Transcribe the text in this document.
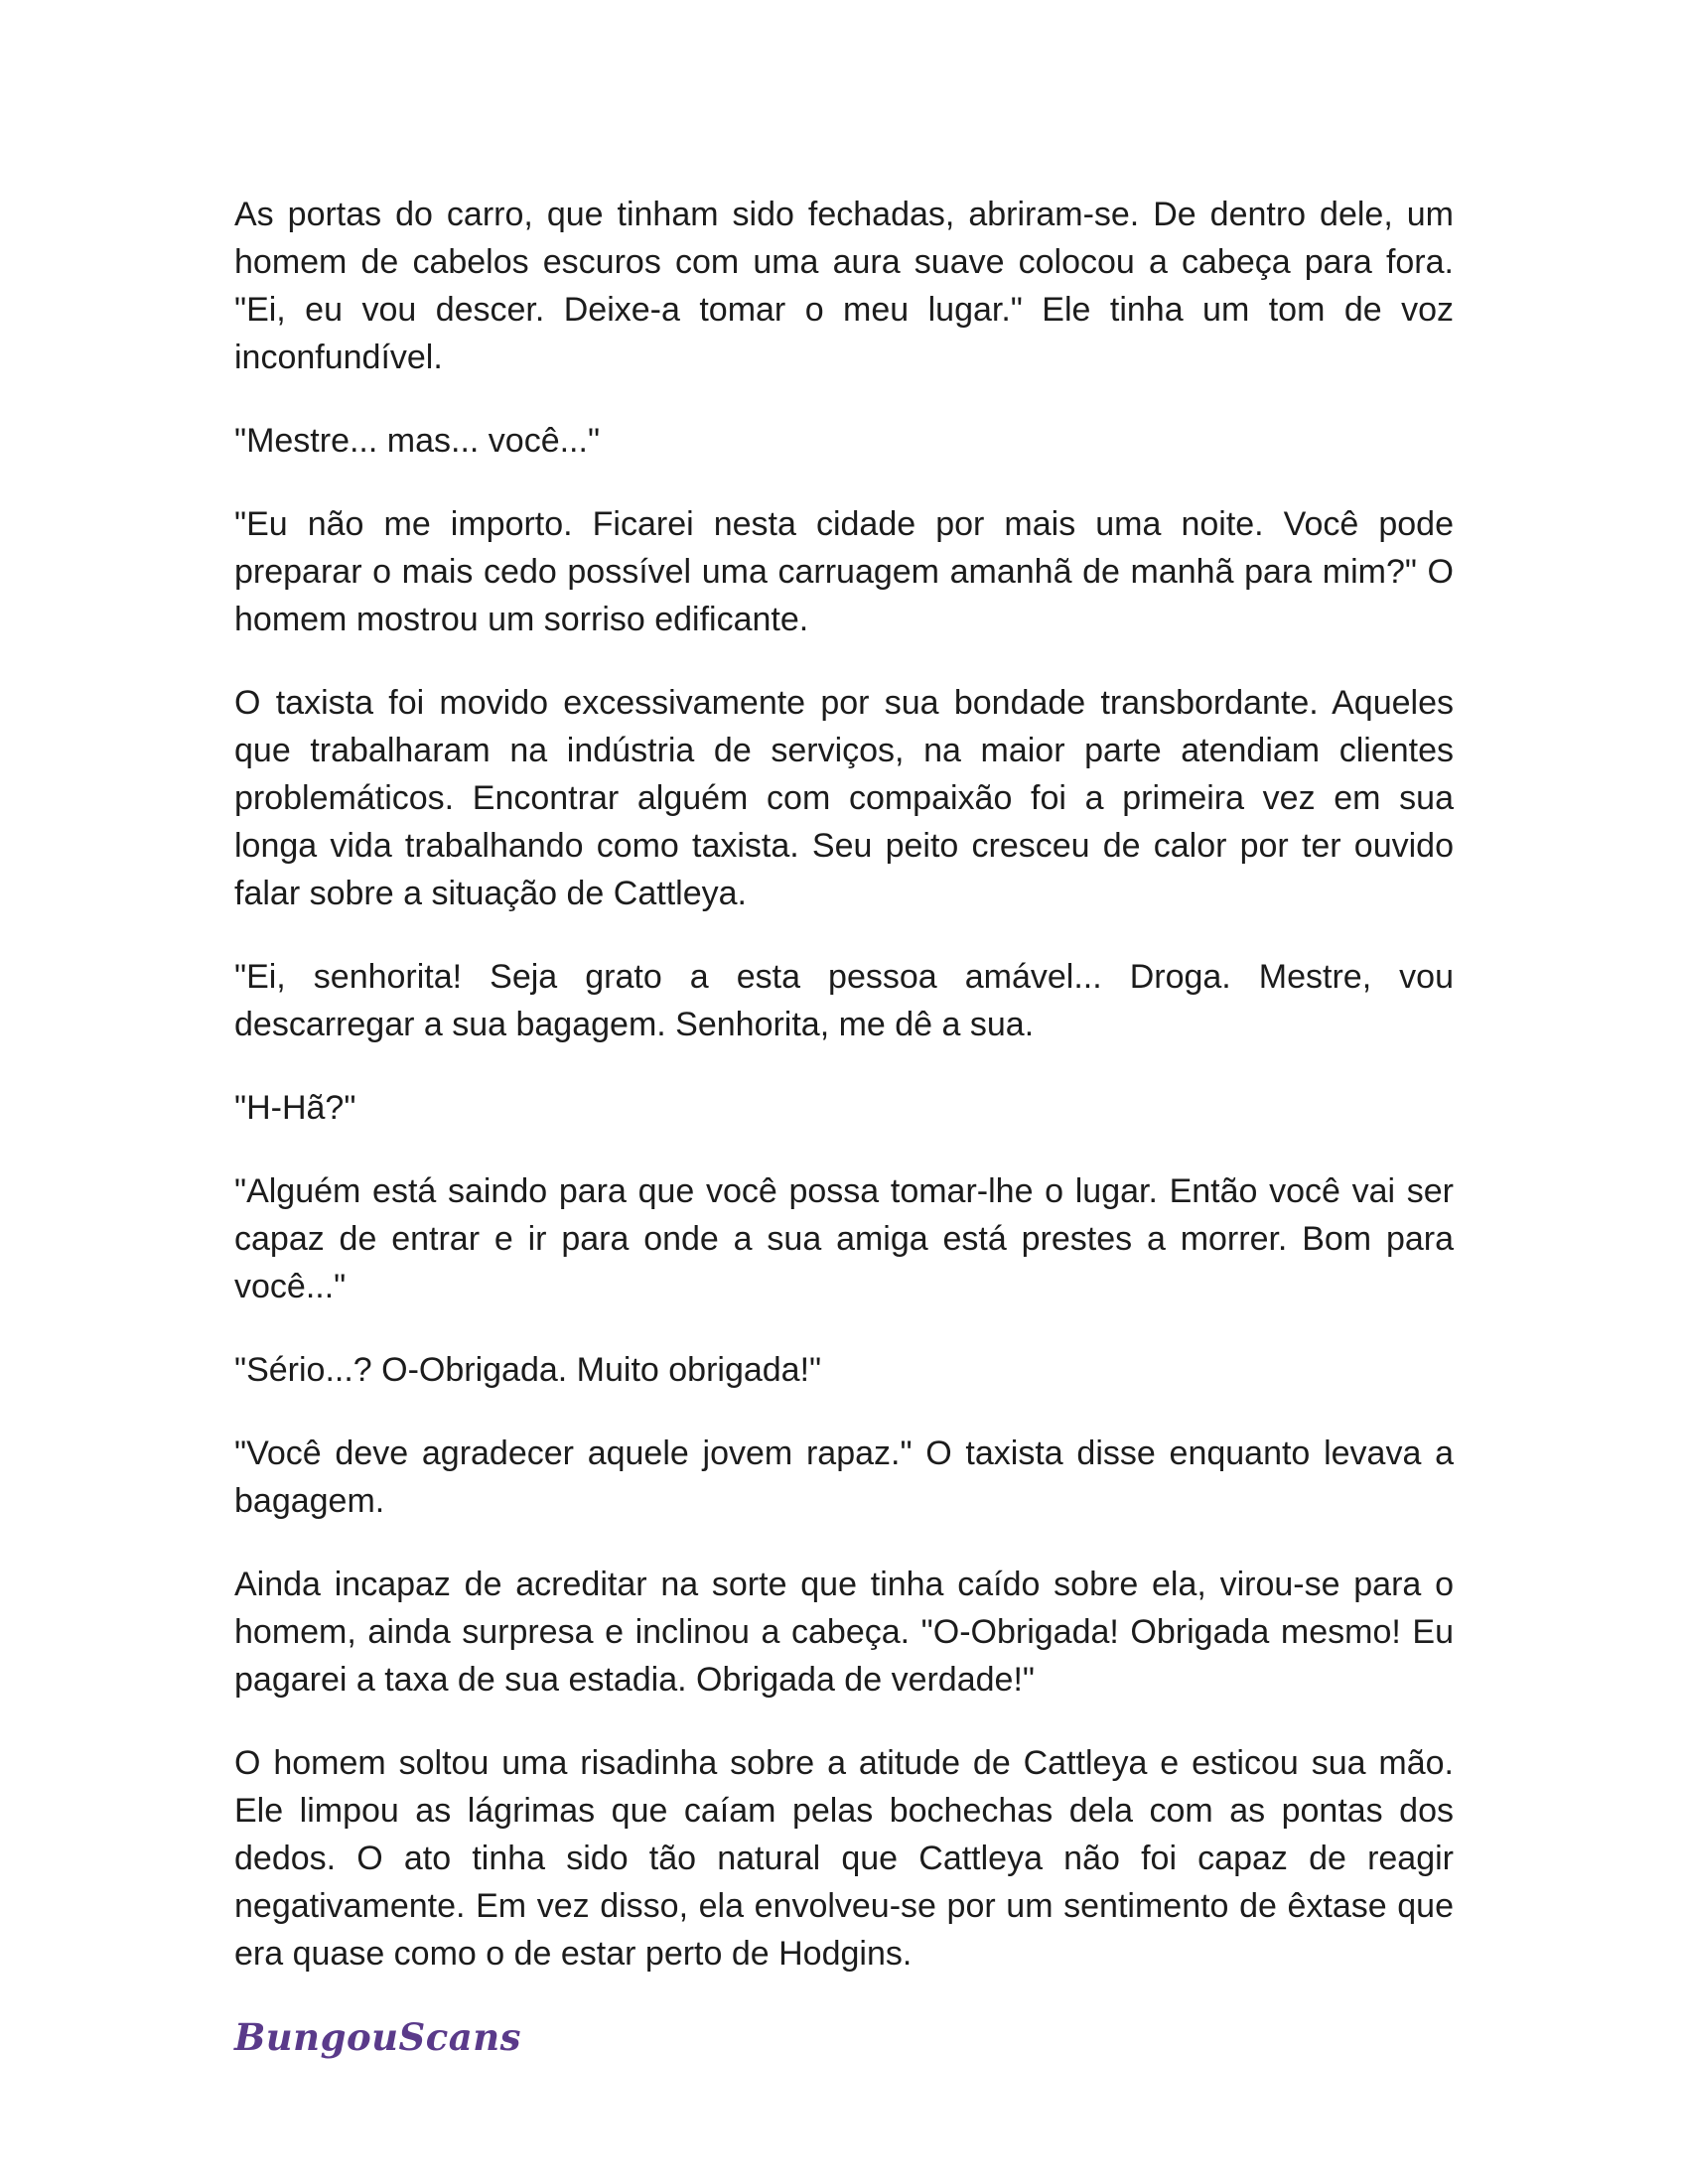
As portas do carro, que tinham sido fechadas, abriram-se. De dentro dele, um homem de cabelos escuros com uma aura suave colocou a cabeça para fora. "Ei, eu vou descer. Deixe-a tomar o meu lugar." Ele tinha um tom de voz inconfundível.

"Mestre... mas... você..."

"Eu não me importo. Ficarei nesta cidade por mais uma noite. Você pode preparar o mais cedo possível uma carruagem amanhã de manhã para mim?" O homem mostrou um sorriso edificante.

O taxista foi movido excessivamente por sua bondade transbordante. Aqueles que trabalharam na indústria de serviços, na maior parte atendiam clientes problemáticos. Encontrar alguém com compaixão foi a primeira vez em sua longa vida trabalhando como taxista. Seu peito cresceu de calor por ter ouvido falar sobre a situação de Cattleya.

"Ei, senhorita! Seja grato a esta pessoa amável... Droga. Mestre, vou descarregar a sua bagagem. Senhorita, me dê a sua.

"H-Hã?"

"Alguém está saindo para que você possa tomar-lhe o lugar. Então você vai ser capaz de entrar e ir para onde a sua amiga está prestes a morrer. Bom para você..."

"Sério...? O-Obrigada. Muito obrigada!"

"Você deve agradecer aquele jovem rapaz." O taxista disse enquanto levava a bagagem.

Ainda incapaz de acreditar na sorte que tinha caído sobre ela, virou-se para o homem, ainda surpresa e inclinou a cabeça. "O-Obrigada! Obrigada mesmo! Eu pagarei a taxa de sua estadia. Obrigada de verdade!"

O homem soltou uma risadinha sobre a atitude de Cattleya e esticou sua mão. Ele limpou as lágrimas que caíam pelas bochechas dela com as pontas dos dedos. O ato tinha sido tão natural que Cattleya não foi capaz de reagir negativamente. Em vez disso, ela envolveu-se por um sentimento de êxtase que era quase como o de estar perto de Hodgins.

BungouScans
